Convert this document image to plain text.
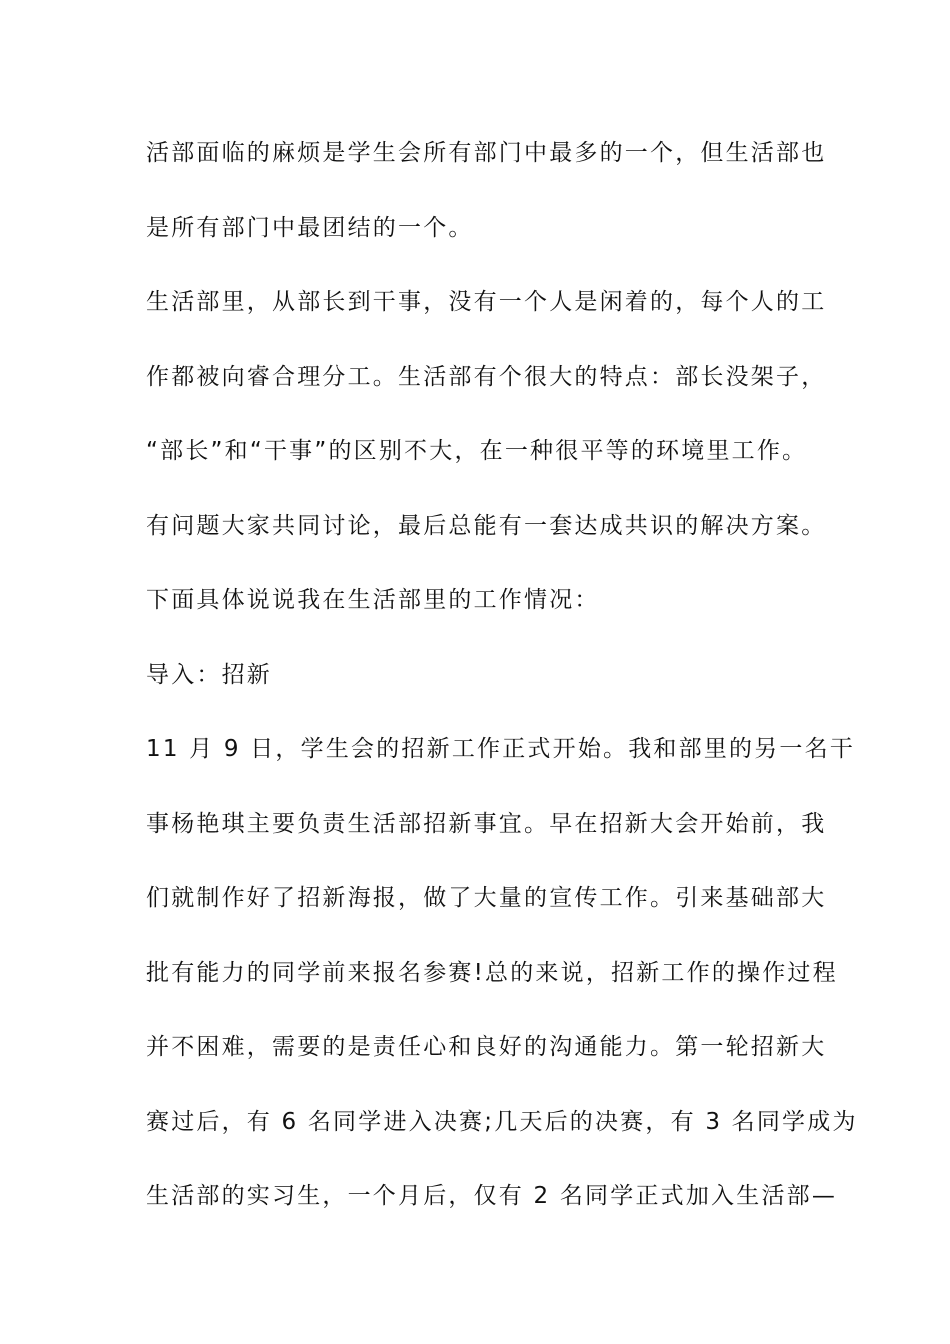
活部面临的麻烦是学生会所有部门中最多的一个，但生活部也
是所有部门中最团结的一个。
生活部里，从部长到干事，没有一个人是闲着的，每个人的工
作都被向睿合理分工。生活部有个很大的特点：部长没架子，
“部长”和“干事”的区别不大，在一种很平等的环境里工作。
有问题大家共同讨论，最后总能有一套达成共识的解决方案。
下面具体说说我在生活部里的工作情况：
导入：招新
11 月 9 日，学生会的招新工作正式开始。我和部里的另一名干
事杨艳琪主要负责生活部招新事宜。早在招新大会开始前，我
们就制作好了招新海报，做了大量的宣传工作。引来基础部大
批有能力的同学前来报名参赛!总的来说，招新工作的操作过程
并不困难，需要的是责任心和良好的沟通能力。第一轮招新大
赛过后，有 6 名同学进入决赛;几天后的决赛，有 3 名同学成为
生活部的实习生，一个月后，仅有 2 名同学正式加入生活部—
